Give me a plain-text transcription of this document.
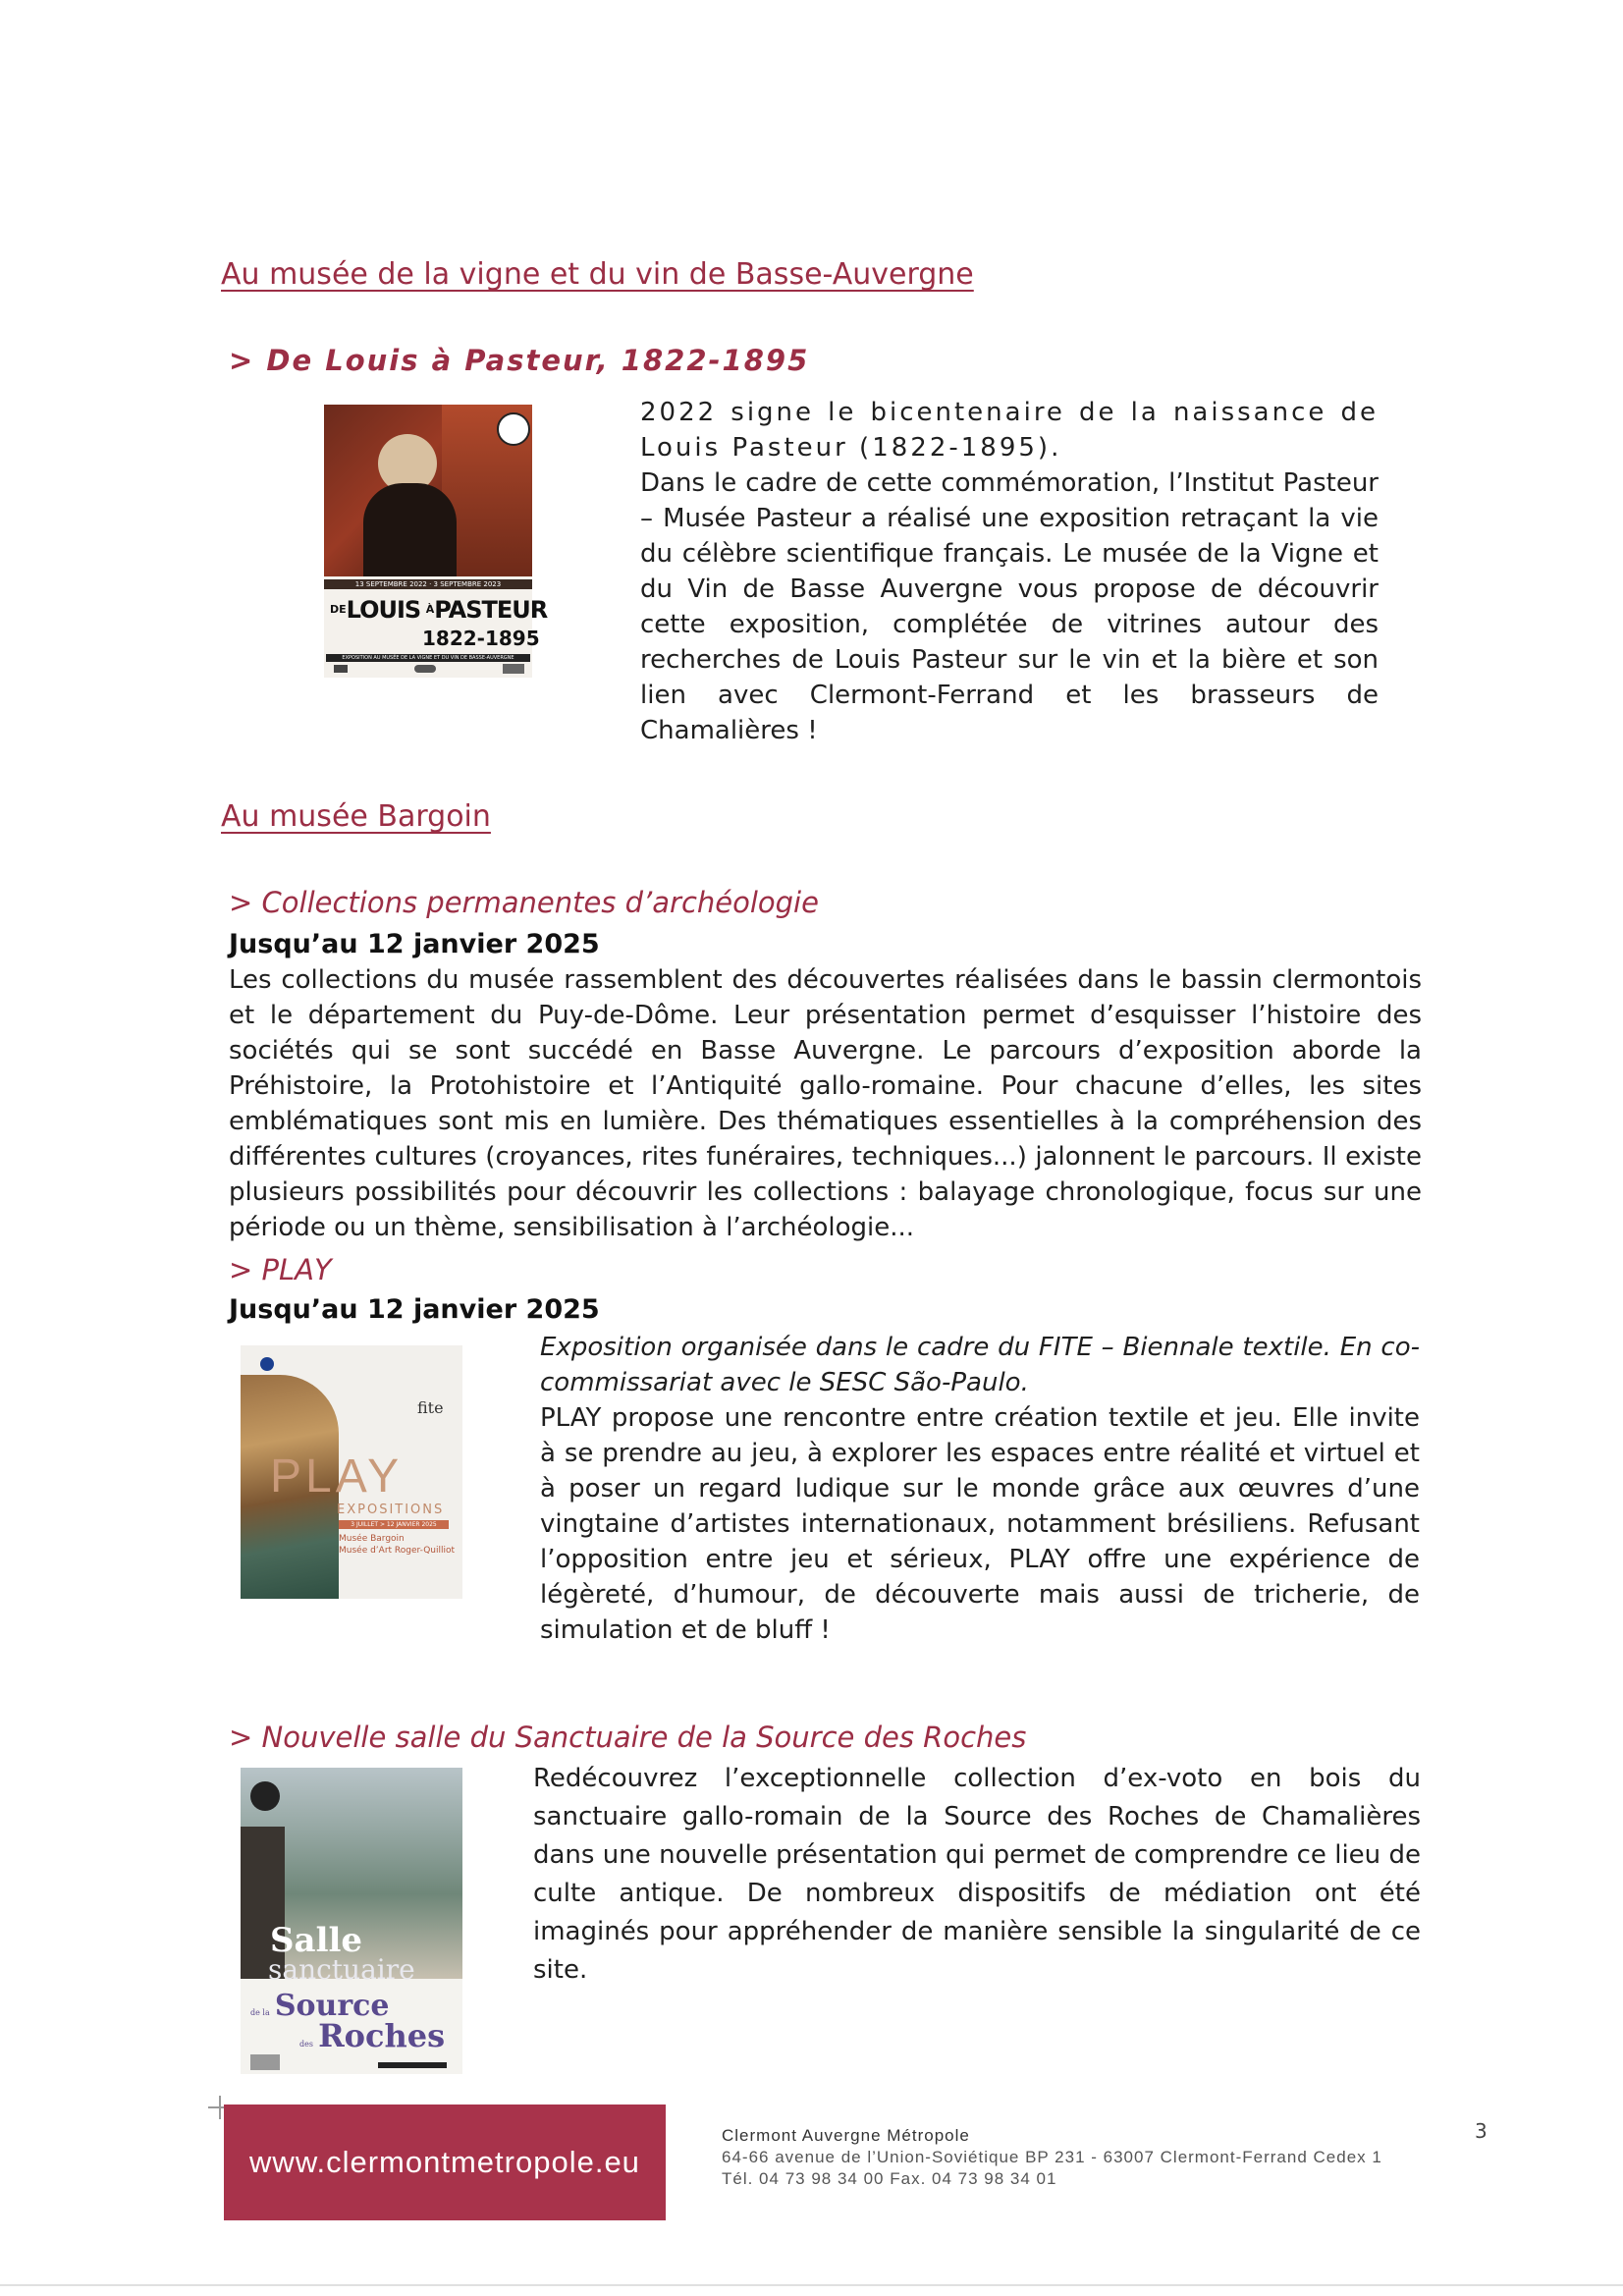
Au musée de la vigne et du vin de Basse-Auvergne
> De Louis à Pasteur, 1822-1895
13 SEPTEMBRE 2022 · 3 SEPTEMBRE 2023
$^{DE}$LOUIS $^À$PASTEUR
1822-1895
EXPOSITION AU MUSÉE DE LA VIGNE ET DU VIN DE BASSE-AUVERGNE

2022 signe le bicentenaire de la naissance de Louis Pasteur (1822-1895).

Dans le cadre de cette commémoration, l’Institut Pasteur – Musée Pasteur a réalisé une exposition retraçant la vie du célèbre scientifique français. Le musée de la Vigne et du Vin de Basse Auvergne vous propose de découvrir cette exposition, complétée de vitrines autour des recherches de Louis Pasteur sur le vin et la bière et son lien avec Clermont-Ferrand et les brasseurs de Chamalières !

Au musée Bargoin
> Collections permanentes d’archéologie
Jusqu’au 12 janvier 2025
Les collections du musée rassemblent des découvertes réalisées dans le bassin clermontois et le département du Puy-de-Dôme. Leur présentation permet d’esquisser l’histoire des sociétés qui se sont succédé en Basse Auvergne. Le parcours d’exposition aborde la Préhistoire, la Protohistoire et l’Antiquité gallo-romaine. Pour chacune d’elles, les sites emblématiques sont mis en lumière. Des thématiques essentielles à la compréhension des différentes cultures (croyances, rites funéraires, techniques...) jalonnent le parcours. Il existe plusieurs possibilités pour découvrir les collections : balayage chronologique, focus sur une période ou un thème, sensibilisation à l’archéologie...
> PLAY
Jusqu’au 12 janvier 2025
fite
PLAY
EXPOSITIONS
3 JUILLET > 12 JANVIER 2025
Musée Bargoin
Musée d’Art Roger-Quilliot

Exposition organisée dans le cadre du FITE – Biennale textile. En co-commissariat avec le SESC São-Paulo.

PLAY propose une rencontre entre création textile et jeu. Elle invite à se prendre au jeu, à explorer les espaces entre réalité et virtuel et à poser un regard ludique sur le monde grâce aux œuvres d’une vingtaine d’artistes internationaux, notamment brésiliens. Refusant l’opposition entre jeu et sérieux, PLAY offre une expérience de légèreté, d’humour, de découverte mais aussi de tricherie, de simulation et de bluff !

> Nouvelle salle du Sanctuaire de la Source des Roches
Salle
sanctuaire
de la Source
des Roches
Redécouvrez l’exceptionnelle collection d’ex-voto en bois du sanctuaire gallo-romain de la Source des Roches de Chamalières dans une nouvelle présentation qui permet de comprendre ce lieu de culte antique. De nombreux dispositifs de médiation ont été imaginés pour appréhender de manière sensible la singularité de ce site.
www.clermontmetropole.eu
Clermont Auvergne Métropole
64-66 avenue de l’Union-Soviétique BP 231 - 63007 Clermont-Ferrand Cedex 1
Tél. 04 73 98 34 00 Fax. 04 73 98 34 01
3
